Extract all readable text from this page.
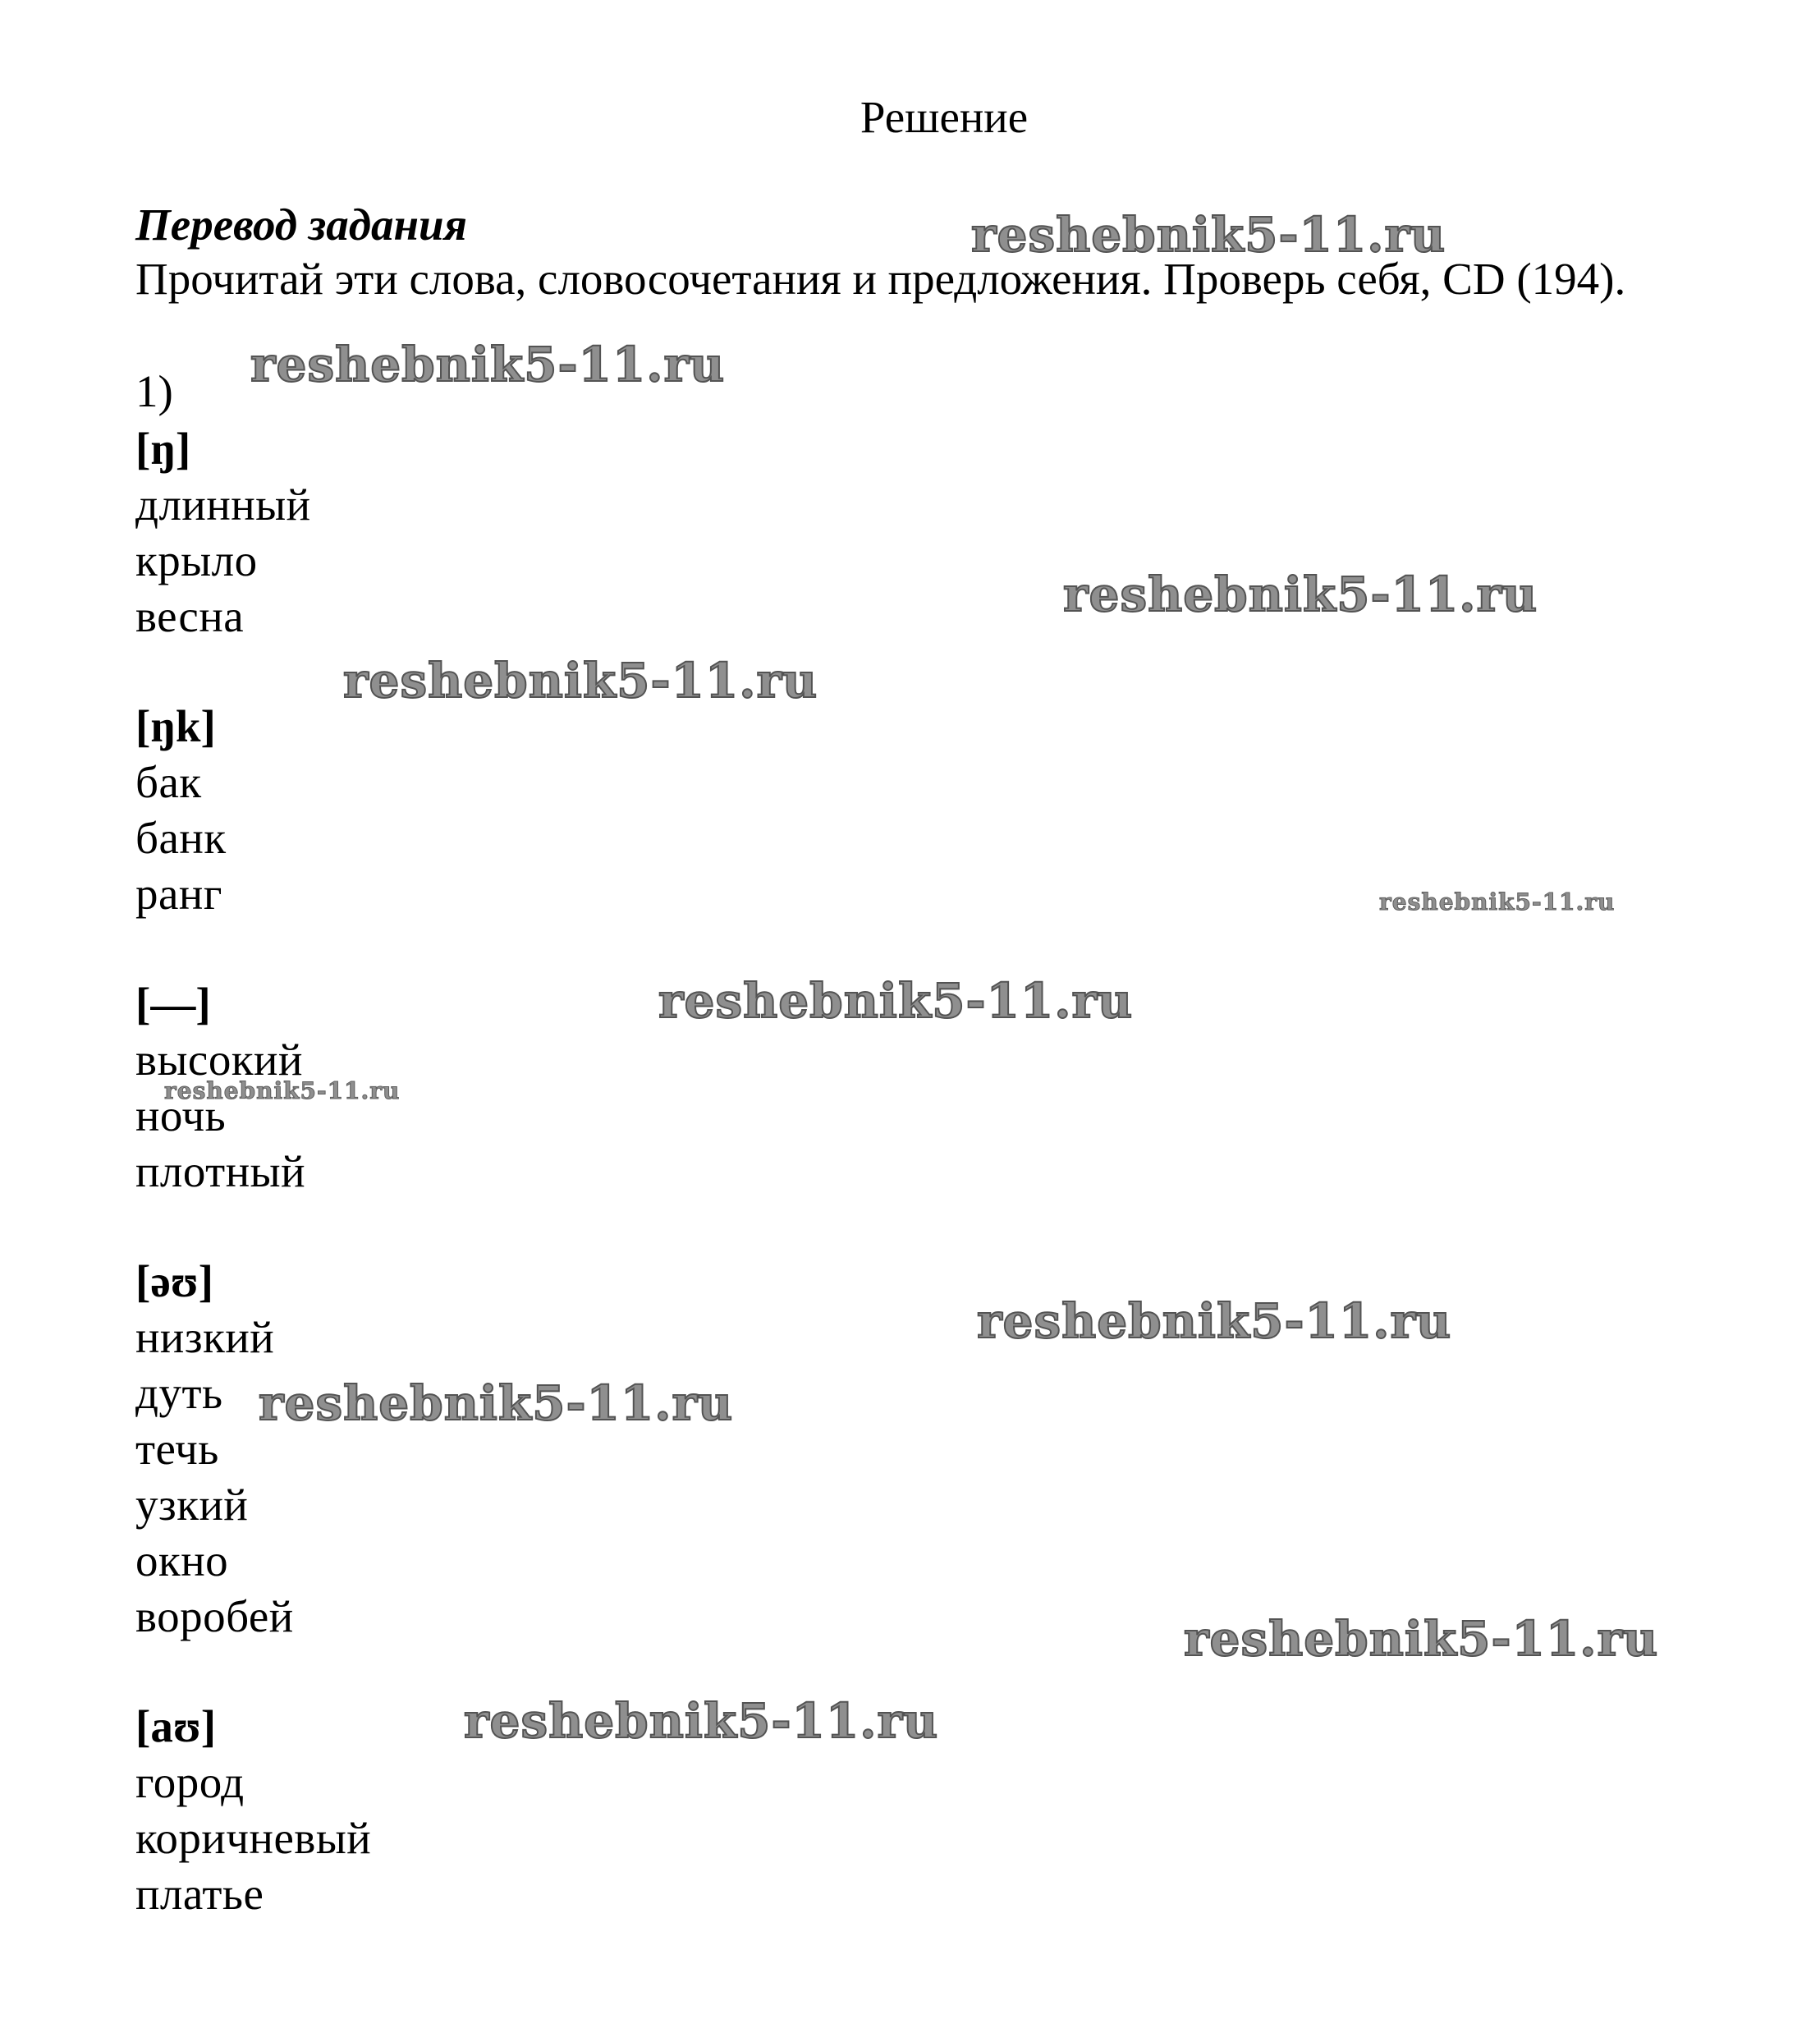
Решение
Перевод задания
Прочитай эти слова, словосочетания и предложения. Проверь себя, CD (194).
1)
[ŋ]
длинный
крыло
весна
[ŋk]
бак
банк
ранг
[—]
высокий
ночь
плотный
[əʊ]
низкий
дуть
течь
узкий
окно
воробей
[aʊ]
город
коричневый
платье
reshebnik5-11.ru
reshebnik5-11.ru
reshebnik5-11.ru
reshebnik5-11.ru
reshebnik5-11.ru
reshebnik5-11.ru
reshebnik5-11.ru
reshebnik5-11.ru
reshebnik5-11.ru
reshebnik5-11.ru
reshebnik5-11.ru
